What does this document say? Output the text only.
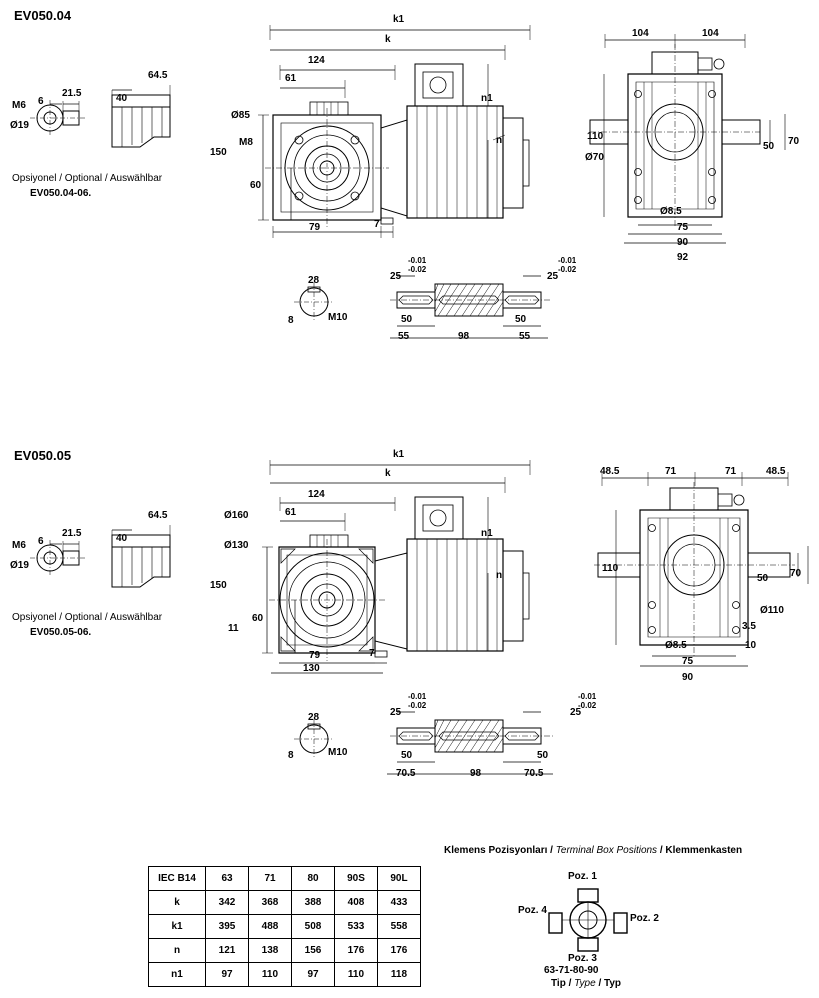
EV050.04
M6
Ø19
6
21.5	40
64.5
k1
k
124
61
Ø85
M8
150
60
79	7
n1
n
104	104
110
Ø70
Ø8.5
75
90
92
50 70
Opsiyonel / Optional / Auswählbar
EV050.04-06.
28
8	M10
25	25
-0.01
-0.02
-0.01
-0.02
50	50
55	98	55
EV050.05
M6
Ø19
6
21.5	40
64.5
k1
k
124
61
Ø160
Ø130
150
60
11
79	7
130
n1
n
48.5	71	71	48.5
110
Ø110
3.5
Ø8.5
75
90
10
50 70
Opsiyonel / Optional / Auswählbar
EV050.05-06.
28
8	M10
25	25
-0.01
-0.02
-0.01
-0.02
50	50
70.5	98	70.5
IEC B14	63	71	80	90S	90L
k	342	368	388	408	433
k1	395	488	508	533	558
n	121	138	156	176	176
n1	97	110	97	110	118
Klemens Pozisyonları / Terminal Box Positions / Klemmenkasten
Poz. 1
Poz. 2
Poz. 3
Poz. 4
63-71-80-90
Tip / Type / Typ
